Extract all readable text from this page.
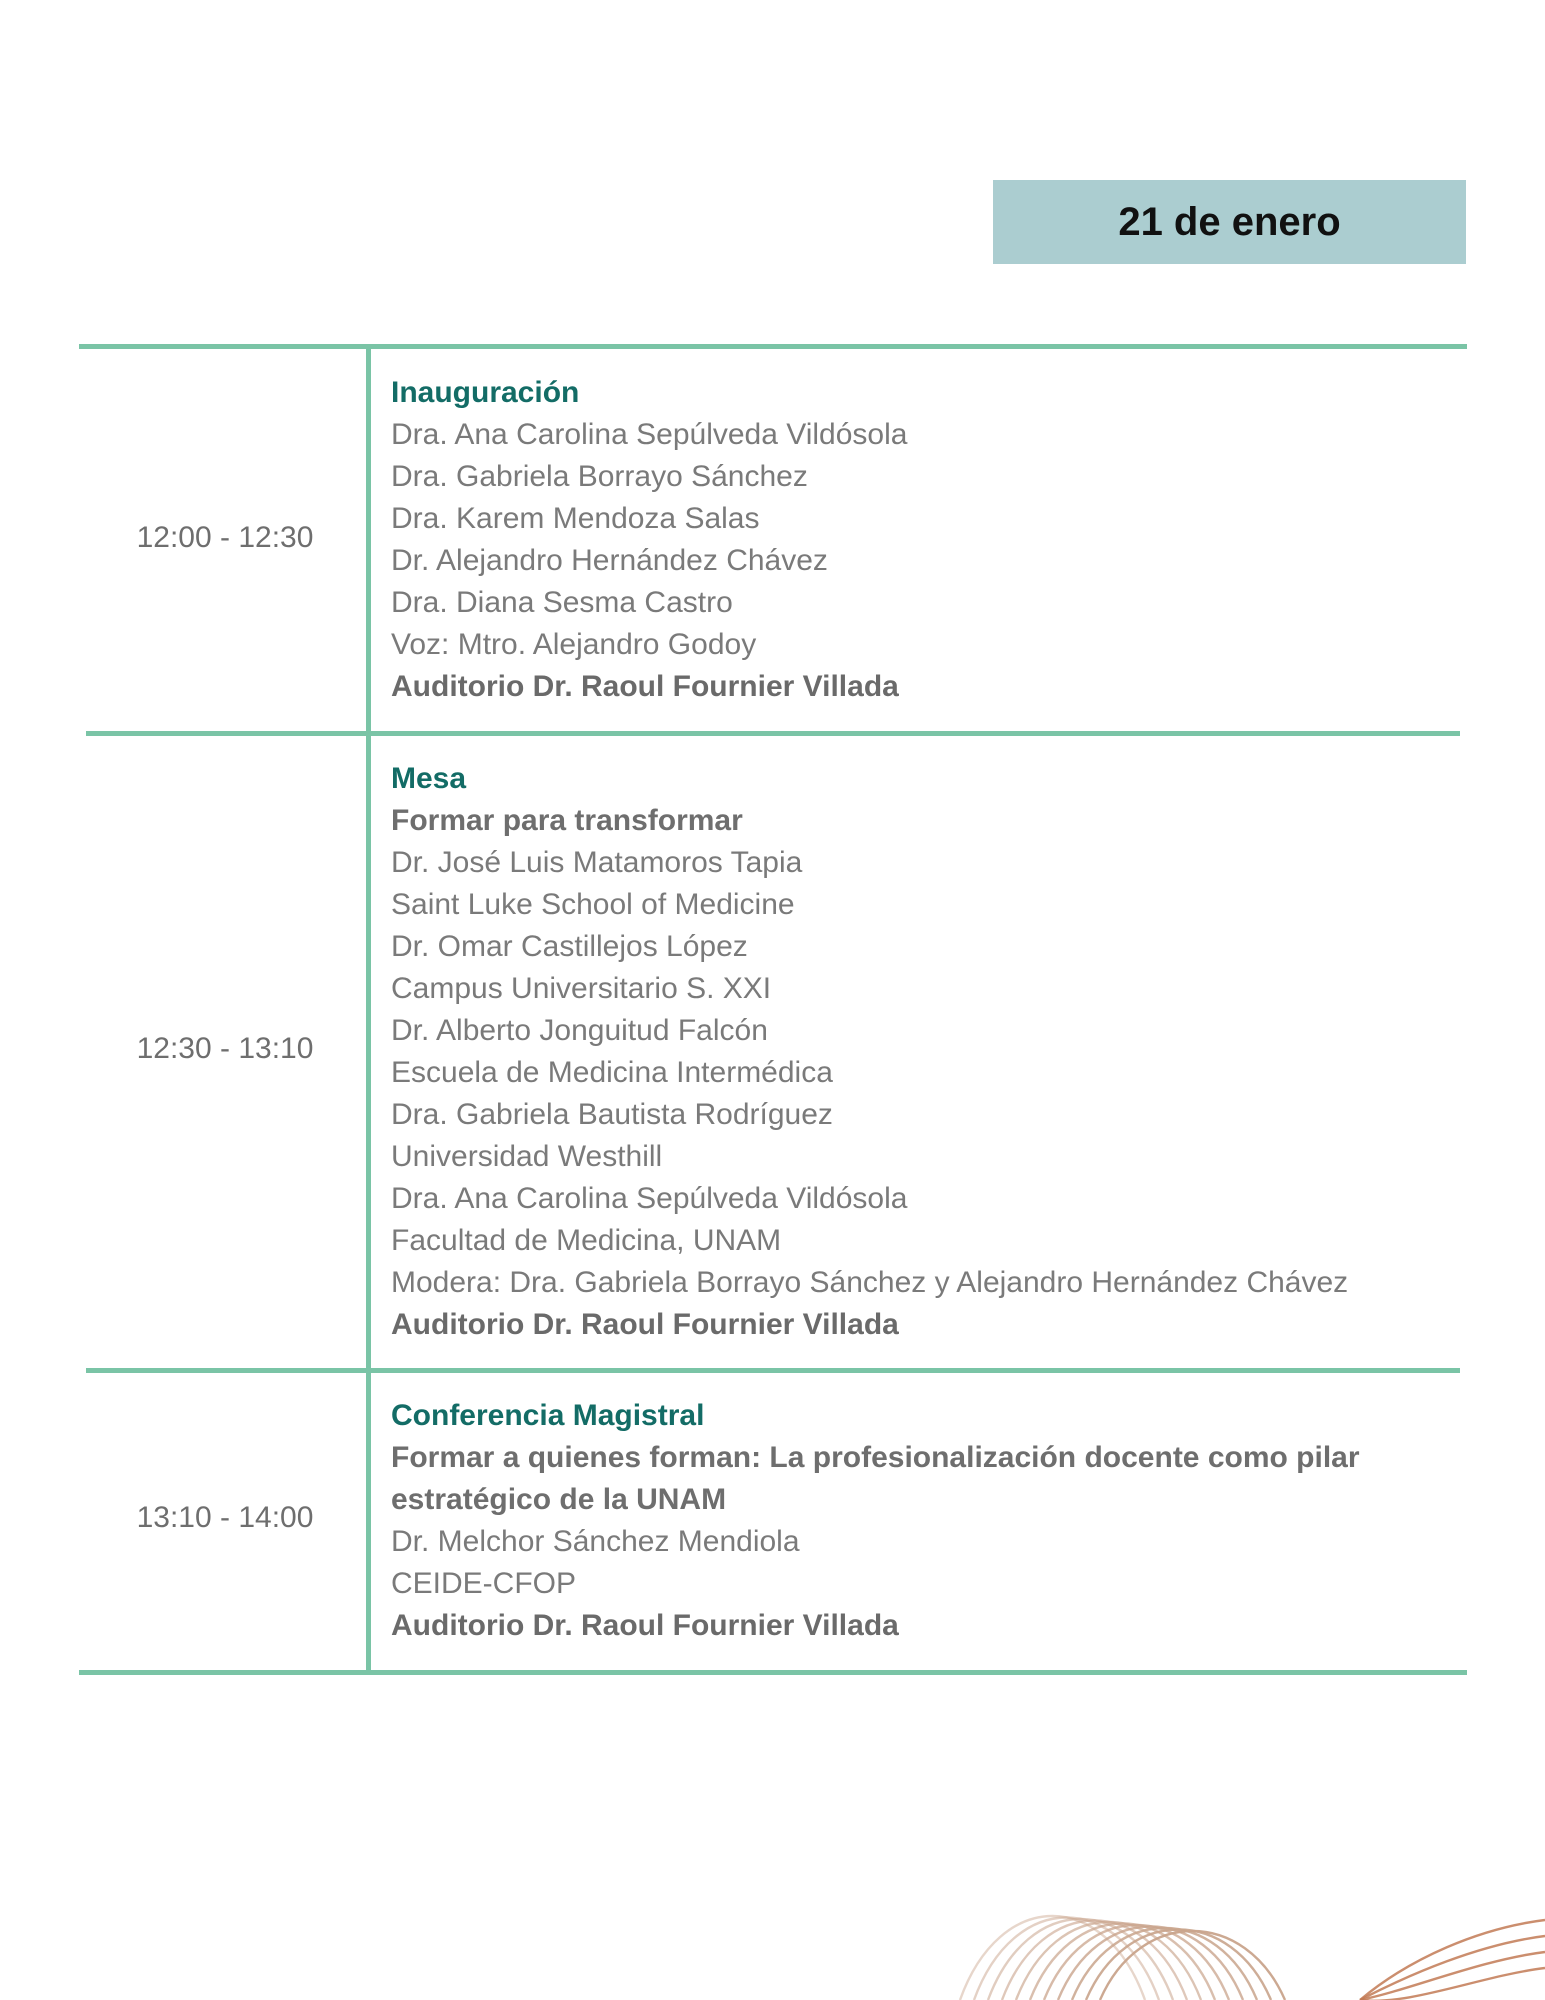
21 de enero
12:00 - 12:30
Inauguración
Dra. Ana Carolina Sepúlveda Vildósola
Dra. Gabriela Borrayo Sánchez
Dra. Karem Mendoza Salas
Dr. Alejandro Hernández Chávez
Dra. Diana Sesma Castro
Voz: Mtro. Alejandro Godoy
Auditorio Dr. Raoul Fournier Villada
12:30 - 13:10
Mesa
Formar para transformar
Dr. José Luis Matamoros Tapia
Saint Luke School of Medicine
Dr. Omar Castillejos López
Campus Universitario S. XXI
Dr. Alberto Jonguitud Falcón
Escuela de Medicina Intermédica
Dra. Gabriela Bautista Rodríguez
Universidad Westhill
Dra. Ana Carolina Sepúlveda Vildósola
Facultad de Medicina, UNAM
Modera: Dra. Gabriela Borrayo Sánchez y Alejandro Hernández Chávez
Auditorio Dr. Raoul Fournier Villada
13:10 - 14:00
Conferencia Magistral
Formar a quienes forman: La profesionalización docente como pilar
estratégico de la UNAM
Dr. Melchor Sánchez Mendiola
CEIDE-CFOP
Auditorio Dr. Raoul Fournier Villada
